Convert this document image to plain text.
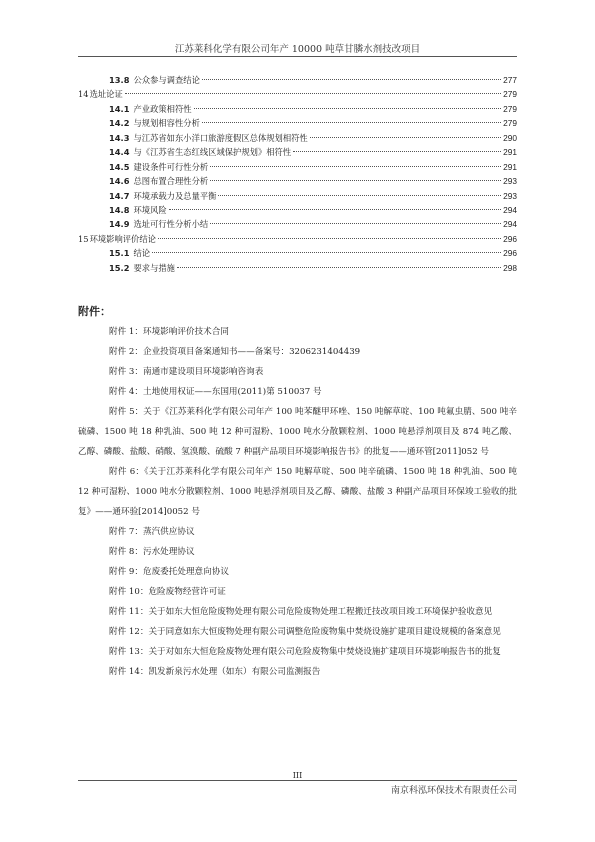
江苏莱科化学有限公司年产 10000 吨草甘膦水剂技改项目
13.8 公众参与调查结论	277
14 选址论证	279
14.1 产业政策相符性	279
14.2 与规划相容性分析	279
14.3 与江苏省如东小洋口旅游度假区总体规划相符性	290
14.4 与《江苏省生态红线区域保护规划》相符性	291
14.5 建设条件可行性分析	291
14.6 总图布置合理性分析	293
14.7 环境承载力及总量平衡	293
14.8 环境风险	294
14.9 选址可行性分析小结	294
15 环境影响评价结论	296
15.1 结论	296
15.2 要求与措施	298
附件：

附件 1：环境影响评价技术合同

附件 2：企业投资项目备案通知书——备案号：3206231404439

附件 3：南通市建设项目环境影响咨询表

附件 4：土地使用权证——东国用(2011)第 510037 号

附件 5：关于《江苏莱科化学有限公司年产 100 吨苯醚甲环唑、150 吨解草啶、100 吨氟虫腈、500 吨辛硫磷、1500 吨 18 种乳油、500 吨 12 种可湿粉、1000 吨水分散颗粒剂、1000 吨悬浮剂项目及 874 吨乙酸、乙醇、磷酸、盐酸、硝酸、氢溴酸、硫酸 7 种副产品项目环境影响报告书》的批复——通环管[2011]052 号

附件 6：《关于江苏莱科化学有限公司年产 150 吨解草啶、500 吨辛硫磷、1500 吨 18 种乳油、500 吨 12 种可湿粉、1000 吨水分散颗粒剂、1000 吨悬浮剂项目及乙醇、磷酸、盐酸 3 种副产品项目环保竣工验收的批复》——通环验[2014]0052 号

附件 7：蒸汽供应协议

附件 8：污水处理协议

附件 9：危废委托处理意向协议

附件 10：危险废物经营许可证

附件 11：关于如东大恒危险废物处理有限公司危险废物处理工程搬迁技改项目竣工环境保护验收意见

附件 12：关于同意如东大恒废物处理有限公司调整危险废物集中焚烧设施扩建项目建设规模的备案意见

附件 13：关于对如东大恒危险废物处理有限公司危险废物集中焚烧设施扩建项目环境影响报告书的批复

附件 14：凯发新泉污水处理（如东）有限公司监测报告

III
南京科泓环保技术有限责任公司
